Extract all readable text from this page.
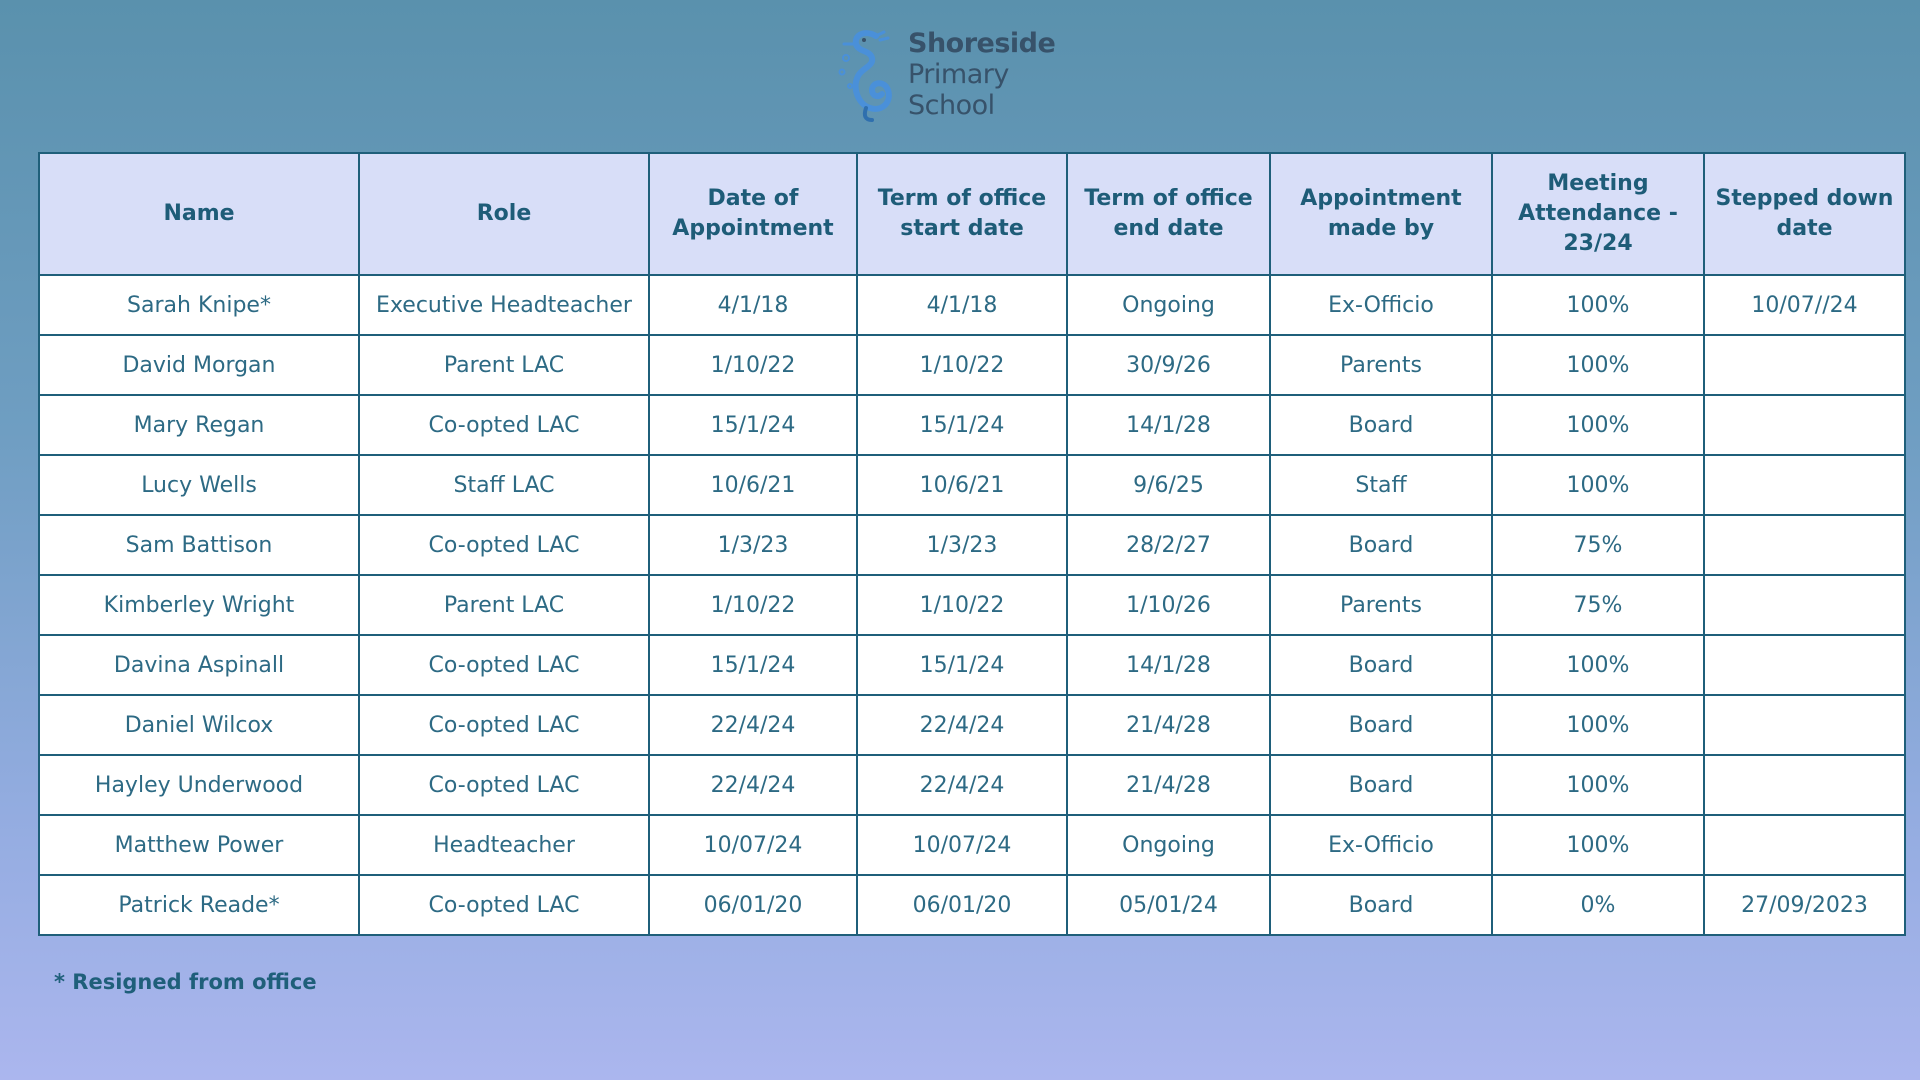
Shoreside
Primary
School
Name	Role	Date of Appointment	Term of office start date	Term of office end date	Appointment made by	Meeting Attendance - 23/24	Stepped down date
Sarah Knipe*	Executive Headteacher	4/1/18	4/1/18	Ongoing	Ex-Officio	100%	10/07//24
David Morgan	Parent LAC	1/10/22	1/10/22	30/9/26	Parents	100%	
Mary Regan	Co-opted LAC	15/1/24	15/1/24	14/1/28	Board	100%	
Lucy Wells	Staff LAC	10/6/21	10/6/21	9/6/25	Staff	100%	
Sam Battison	Co-opted LAC	1/3/23	1/3/23	28/2/27	Board	75%	
Kimberley Wright	Parent LAC	1/10/22	1/10/22	1/10/26	Parents	75%	
Davina Aspinall	Co-opted LAC	15/1/24	15/1/24	14/1/28	Board	100%	
Daniel Wilcox	Co-opted LAC	22/4/24	22/4/24	21/4/28	Board	100%	
Hayley Underwood	Co-opted LAC	22/4/24	22/4/24	21/4/28	Board	100%	
Matthew Power	Headteacher	10/07/24	10/07/24	Ongoing	Ex-Officio	100%	
Patrick Reade*	Co-opted LAC	06/01/20	06/01/20	05/01/24	Board	0%	27/09/2023
* Resigned from office
